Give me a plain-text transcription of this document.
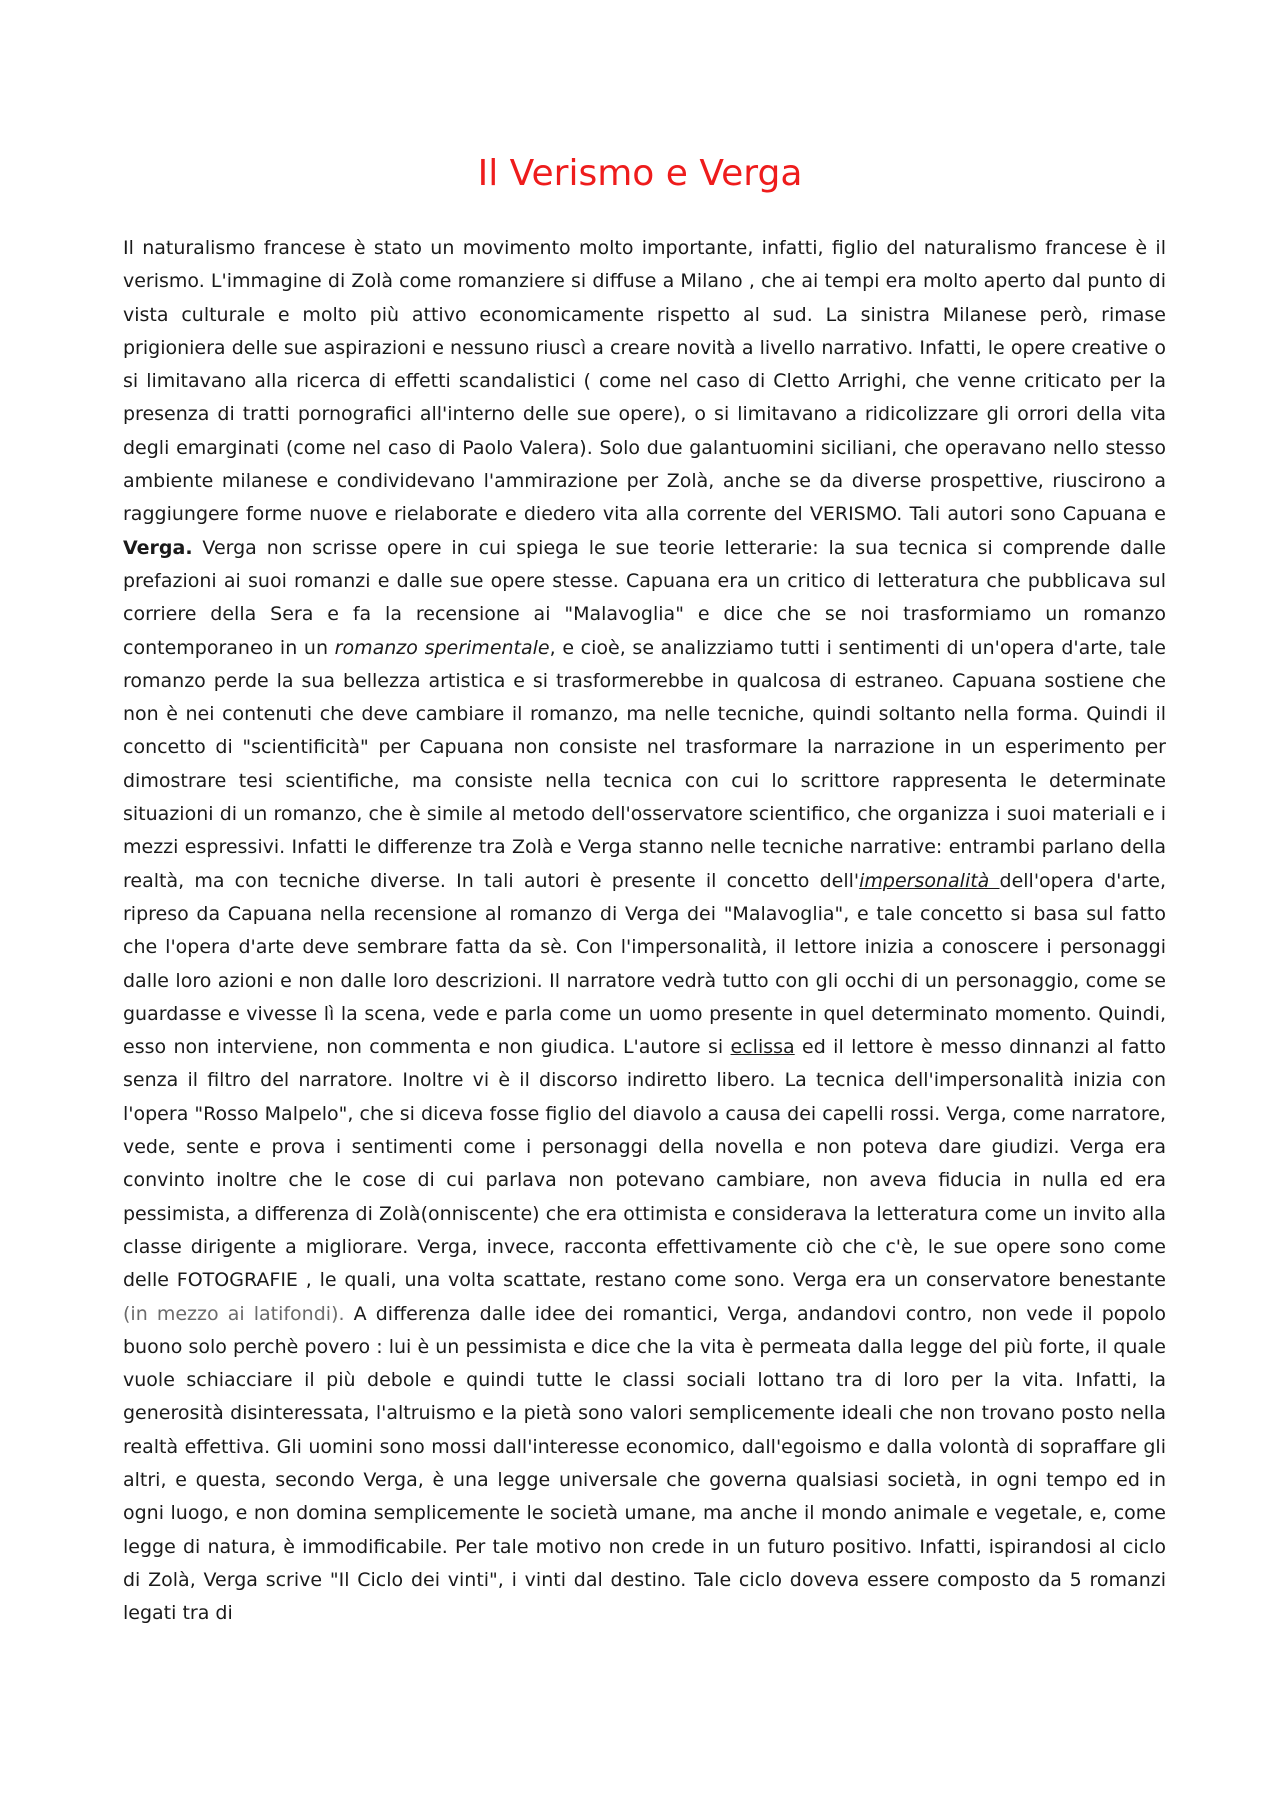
Il Verismo e Verga

Il naturalismo francese è stato un movimento molto importante, infatti, figlio del naturalismo francese è il verismo. L'immagine di Zolà come romanziere si diffuse a Milano , che ai tempi era molto aperto dal punto di vista culturale e molto più attivo economicamente rispetto al sud. La sinistra Milanese però, rimase prigioniera delle sue aspirazioni e nessuno riuscì a creare novità a livello narrativo. Infatti, le opere creative o si limitavano alla ricerca di effetti scandalistici ( come nel caso di Cletto Arrighi, che venne criticato per la presenza di tratti pornografici all'interno delle sue opere), o si limitavano a ridicolizzare gli orrori della vita degli emarginati (come nel caso di Paolo Valera). Solo due galantuomini siciliani, che operavano nello stesso ambiente milanese e condividevano l'ammirazione per Zolà, anche se da diverse prospettive, riuscirono a raggiungere forme nuove e rielaborate e diedero vita alla corrente del VERISMO. Tali autori sono Capuana e Verga. Verga non scrisse opere in cui spiega le sue teorie letterarie: la sua tecnica si comprende dalle prefazioni ai suoi romanzi e dalle sue opere stesse. Capuana era un critico di letteratura che pubblicava sul corriere della Sera e fa la recensione ai "Malavoglia" e dice che se noi trasformiamo un romanzo contemporaneo in un romanzo sperimentale, e cioè, se analizziamo tutti i sentimenti di un'opera d'arte, tale romanzo perde la sua bellezza artistica e si trasformerebbe in qualcosa di estraneo. Capuana sostiene che non è nei contenuti che deve cambiare il romanzo, ma nelle tecniche, quindi soltanto nella forma. Quindi il concetto di "scientificità" per Capuana non consiste nel trasformare la narrazione in un esperimento per dimostrare tesi scientifiche, ma consiste nella tecnica con cui lo scrittore rappresenta le determinate situazioni di un romanzo, che è simile al metodo dell'osservatore scientifico, che organizza i suoi materiali e i mezzi espressivi. Infatti le differenze tra Zolà e Verga stanno nelle tecniche narrative: entrambi parlano della realtà, ma con tecniche diverse. In tali autori è presente il concetto dell'impersonalità dell'opera d'arte, ripreso da Capuana nella recensione al romanzo di Verga dei "Malavoglia", e tale concetto si basa sul fatto che l'opera d'arte deve sembrare fatta da sè. Con l'impersonalità, il lettore inizia a conoscere i personaggi dalle loro azioni e non dalle loro descrizioni. Il narratore vedrà tutto con gli occhi di un personaggio, come se guardasse e vivesse lì la scena, vede e parla come un uomo presente in quel determinato momento. Quindi, esso non interviene, non commenta e non giudica. L'autore si eclissa ed il lettore è messo dinnanzi al fatto senza il filtro del narratore. Inoltre vi è il discorso indiretto libero. La tecnica dell'impersonalità inizia con l'opera "Rosso Malpelo", che si diceva fosse figlio del diavolo a causa dei capelli rossi. Verga, come narratore, vede, sente e prova i sentimenti come i personaggi della novella e non poteva dare giudizi. Verga era convinto inoltre che le cose di cui parlava non potevano cambiare, non aveva fiducia in nulla ed era pessimista, a differenza di Zolà(onniscente) che era ottimista e considerava la letteratura come un invito alla classe dirigente a migliorare. Verga, invece, racconta effettivamente ciò che c'è, le sue opere sono come delle FOTOGRAFIE , le quali, una volta scattate, restano come sono. Verga era un conservatore benestante (in mezzo ai latifondi). A differenza dalle idee dei romantici, Verga, andandovi contro, non vede il popolo buono solo perchè povero : lui è un pessimista e dice che la vita è permeata dalla legge del più forte, il quale vuole schiacciare il più debole e quindi tutte le classi sociali lottano tra di loro per la vita. Infatti, la generosità disinteressata, l'altruismo e la pietà sono valori semplicemente ideali che non trovano posto nella realtà effettiva. Gli uomini sono mossi dall'interesse economico, dall'egoismo e dalla volontà di sopraffare gli altri, e questa, secondo Verga, è una legge universale che governa qualsiasi società, in ogni tempo ed in ogni luogo, e non domina semplicemente le società umane, ma anche il mondo animale e vegetale, e, come legge di natura, è immodificabile. Per tale motivo non crede in un futuro positivo. Infatti, ispirandosi al ciclo di Zolà, Verga scrive "Il Ciclo dei vinti", i vinti dal destino. Tale ciclo doveva essere composto da 5 romanzi legati tra di
